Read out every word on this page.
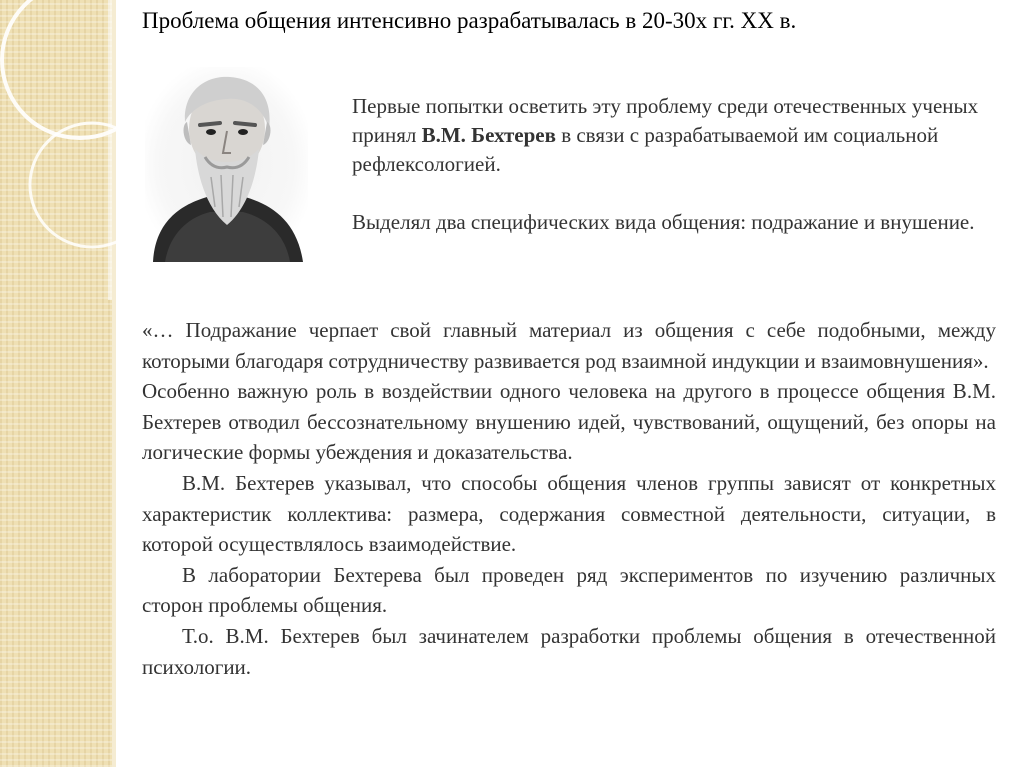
Проблема общения интенсивно разрабатывалась в 20-30х гг. XX в.

Первые попытки осветить эту проблему среди отечественных ученых принял В.М. Бехтерев в связи с разрабатываемой им социальной рефлексологией.

Выделял два специфических вида общения: подражание и внушение.

«… Подражание черпает свой главный материал из общения с себе подобными, между которыми благодаря сотрудничеству развивается род взаимной индукции и взаимовнушения».

Особенно важную роль в воздействии одного человека на другого в процессе общения В.М. Бехтерев отводил бессознательному внушению идей, чувствований, ощущений, без опоры на логические формы убеждения и доказательства.

В.М. Бехтерев указывал, что способы общения членов группы зависят от конкретных характеристик коллектива: размера, содержания совместной деятельности, ситуации, в которой осуществлялось взаимодействие.

В лаборатории Бехтерева был проведен ряд экспериментов по изучению различных сторон проблемы общения.

Т.о. В.М. Бехтерев был зачинателем разработки проблемы общения в отечественной психологии.
